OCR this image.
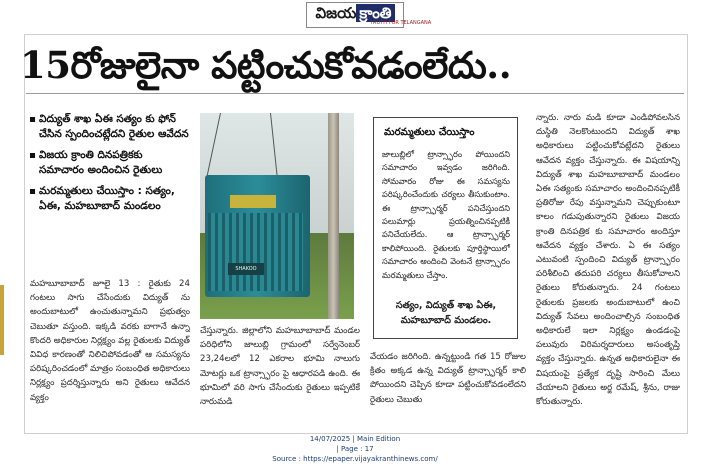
విజయ క్రాంతి
TRUTH FOR TELANGANA
15రోజులైనా పట్టించుకోవడంలేదు..
విద్యుత్ శాఖ ఏఈ సత్యం కు ఫోన్ చేసిన స్పందించట్లేదని రైతుల ఆవేదన
విజయ క్రాంతి దినపత్రికకు సమాచారం అందించిన రైతులు
మరమ్మతులు చేయిస్తాం : సత్యం, ఏఈ, మహబూబాద్ మండలం
మహబూబాబాద్ జూలై 13 : రైతుకు 24 గంటలు సాగు చేసేందుకు విద్యుత్ ను అందుబాటులో ఉంచుతున్నామని ప్రభుత్వం చెబుతూ వస్తుంది. ఇక్కడి వరకు బాగానే ఉన్నా కొందరి అధికారుల నిర్లక్ష్యం వల్ల రైతులకు విద్యుత్ వివిధ కారణంతో నిలిచిపోవడంతో ఆ సమస్యను పరిష్కరించడంలో మాత్రం సంబంధిత అధికారులు నిర్లక్ష్యం ప్రదర్శిస్తున్నారు అని రైతులు ఆవేదన వ్యక్తం
SHAKOO
చేస్తున్నారు. జిల్లాలోని మహబూబాబాద్ మండల పరిధిలోని జాలుబ్లి గ్రామంలో సర్వేనెంబర్ 23,24లలో 12 ఎకరాల భూమి నాలుగు మోటర్లు ఒక ట్రాన్స్ఫారం పై ఆధారపడి ఉంది. ఈ భూమిలో వరి సాగు చేసేందుకు రైతులు ఇప్పటికే నారుమడి
మరమ్మతులు చేయిస్తాం
జాలుబ్లిలో ట్రాన్స్ఫారం పోయిందని సమాచారం ఇవ్వడం జరిగింది. సోమవారం రోజు ఈ సమస్యను పరిష్కరించేందుకు చర్యలు తీసుకుంటాం. ఈ ట్రాన్స్ఫార్మర్ పనిచేస్తుందని పలుమార్లు ప్రయత్నించినప్పటికీ పనిచేయలేదు. ఆ ట్రాన్స్ఫార్మర్ కాలిపోయింది. రైతులకు పూర్తిస్థాయిలో సమాచారం అందించి వెంటనే ట్రాన్స్ఫారం మరమ్మతులు చేస్తాం.
సత్యం, విద్యుత్ శాఖ ఏఈ,
మహబూబాద్ మండలం.
వేయడం జరిగింది. ఉన్నట్టుండి గత 15 రోజుల క్రితం అక్కడ ఉన్న విద్యుత్ ట్రాన్స్ఫార్మర్ కాలి పోయిందని చెప్పిన కూడా పట్టించుకోవడంలేదని రైతులు చెబుతు
న్నారు. నారు మడి కూడా ఎండిపోవలసిన దుస్థితి నెలకొంటుందని విద్యుత్ శాఖ అధికారులు పట్టించుకోవట్లేదని రైతులు ఆవేదన వ్యక్తం చేస్తున్నారు. ఈ విషయాన్ని విద్యుత్ శాఖ మహబూబాబాద్ మండలం ఏఈ సత్యంకు సమాచారం అందించినప్పటికీ ప్రతిరోజు రేపు వస్తున్నామని చెప్పుకుంటూ కాలం గడుపుతున్నారని రైతులు విజయ క్రాంతి దినపత్రిక కు సమాచారం అందిస్తూ ఆవేదన వ్యక్తం చేశారు. ఏ ఈ సత్యం ఎటువంటి స్పందించి విద్యుత్ ట్రాన్స్ఫారం పరిశీలించి తదుపరి చర్యలు తీసుకోవాలని రైతులు కోరుతున్నారు. 24 గంటలు రైతులకు ప్రజలకు అందుబాటులో ఉంచి విద్యుత్ సేవలు అందించాల్సిన సంబంధిత అధికారులే ఇలా నిర్లక్ష్యం ఉండడంపై పలువురు విరిమర్శదారులు అసంతృప్తి వ్యక్తం చేస్తున్నారు. ఉన్నత అధికారులైనా ఈ విషయంపై ప్రత్యేక దృష్టి సారించి మేలు చేయాలని రైతులు అర్జ రమేష్, శ్రీను, రాజు కోరుతున్నారు.
14/07/2025 | Main Edition
| Page : 17
Source : https://epaper.vijayakranthinews.com/
